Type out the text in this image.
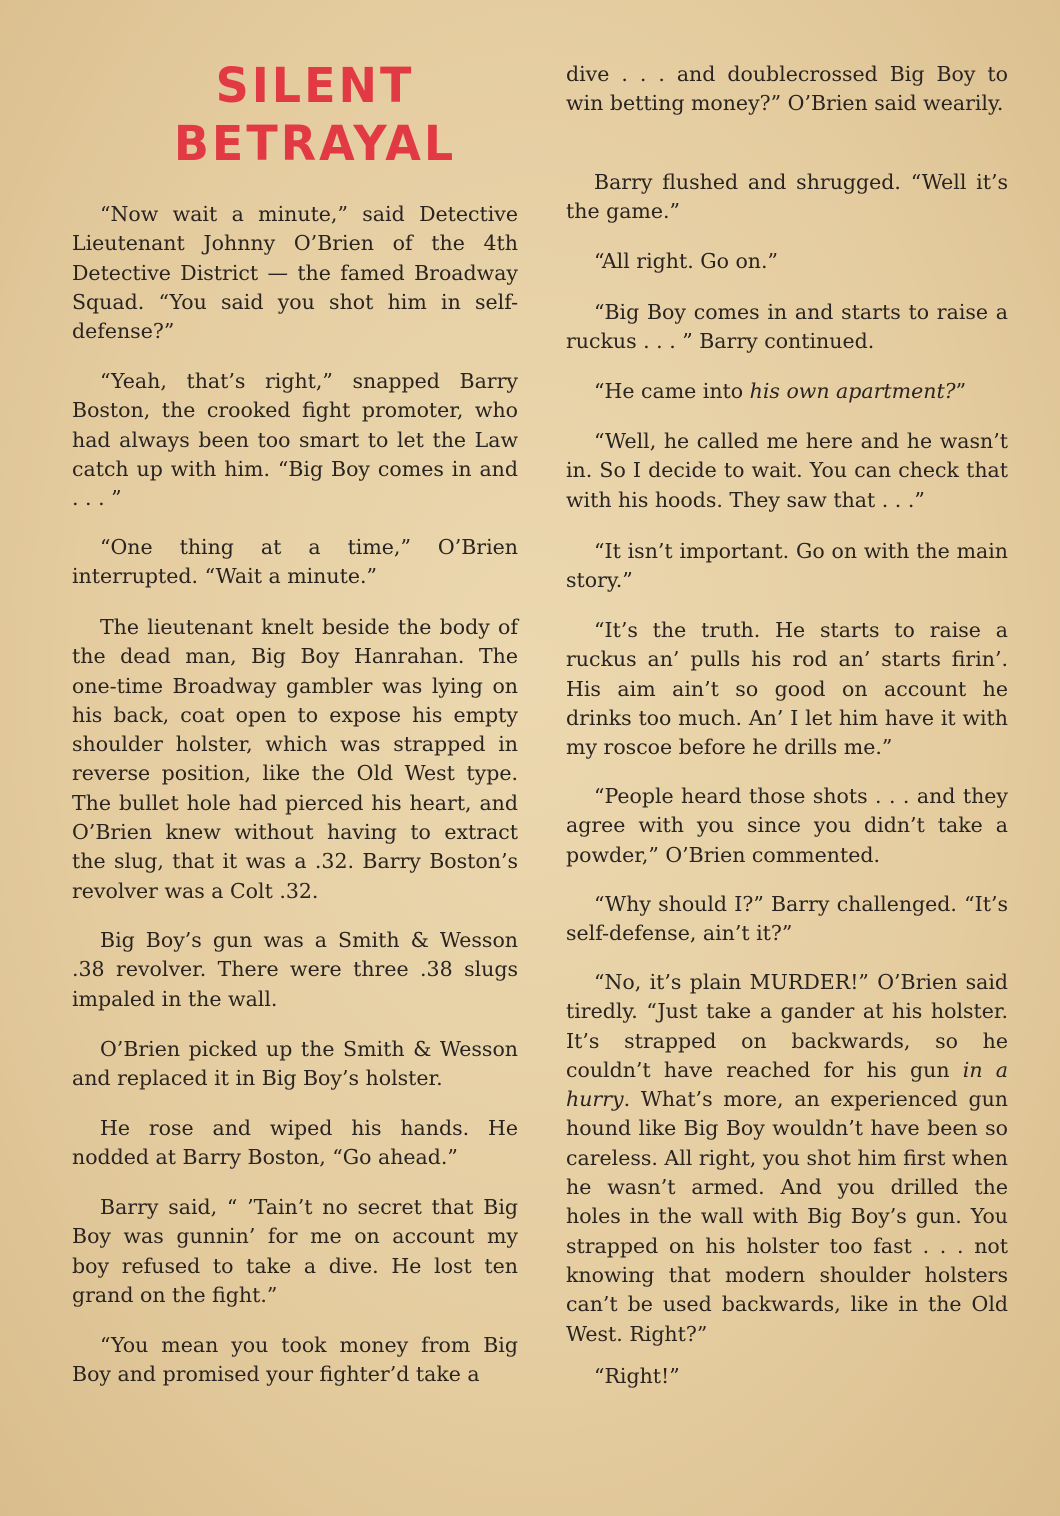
SILENT
BETRAYAL

“Now wait a minute,” said Detective Lieutenant Johnny O’Brien of the 4th Detective District — the famed Broadway Squad. “You said you shot him in self-defense?”

“Yeah, that’s right,” snapped Barry Boston, the crooked fight promoter, who had always been too smart to let the Law catch up with him. “Big Boy comes in and . . . ”

“One thing at a time,” O’Brien interrupted. “Wait a minute.”

The lieutenant knelt beside the body of the dead man, Big Boy Hanrahan. The one-time Broadway gambler was lying on his back, coat open to expose his empty shoulder holster, which was strapped in reverse position, like the Old West type. The bullet hole had pierced his heart, and O’Brien knew without having to extract the slug, that it was a .32. Barry Boston’s revolver was a Colt .32.

Big Boy’s gun was a Smith & Wesson .38 revolver. There were three .38 slugs impaled in the wall.

O’Brien picked up the Smith & Wesson and replaced it in Big Boy’s holster.

He rose and wiped his hands. He nodded at Barry Boston, “Go ahead.”

Barry said, “ ’Tain’t no secret that Big Boy was gunnin’ for me on account my boy refused to take a dive. He lost ten grand on the fight.”

“You mean you took money from Big Boy and promised your fighter’d take a

dive . . . and doublecrossed Big Boy to win betting money?” O’Brien said wearily.

Barry flushed and shrugged. “Well it’s the game.”

“All right. Go on.”

“Big Boy comes in and starts to raise a ruckus . . . ” Barry continued.

“He came into his own apartment?”

“Well, he called me here and he wasn’t in. So I decide to wait. You can check that with his hoods. They saw that . . .”

“It isn’t important. Go on with the main story.”

“It’s the truth. He starts to raise a ruckus an’ pulls his rod an’ starts firin’. His aim ain’t so good on account he drinks too much. An’ I let him have it with my roscoe before he drills me.”

“People heard those shots . . . and they agree with you since you didn’t take a powder,” O’Brien commented.

“Why should I?” Barry challenged. “It’s self-defense, ain’t it?”

“No, it’s plain MURDER!” O’Brien said tiredly. “Just take a gander at his holster. It’s strapped on backwards, so he couldn’t have reached for his gun in a hurry. What’s more, an experienced gun hound like Big Boy wouldn’t have been so careless. All right, you shot him first when he wasn’t armed. And you drilled the holes in the wall with Big Boy’s gun. You strapped on his holster too fast . . . not knowing that modern shoulder holsters can’t be used backwards, like in the Old West. Right?”

“Right!”
